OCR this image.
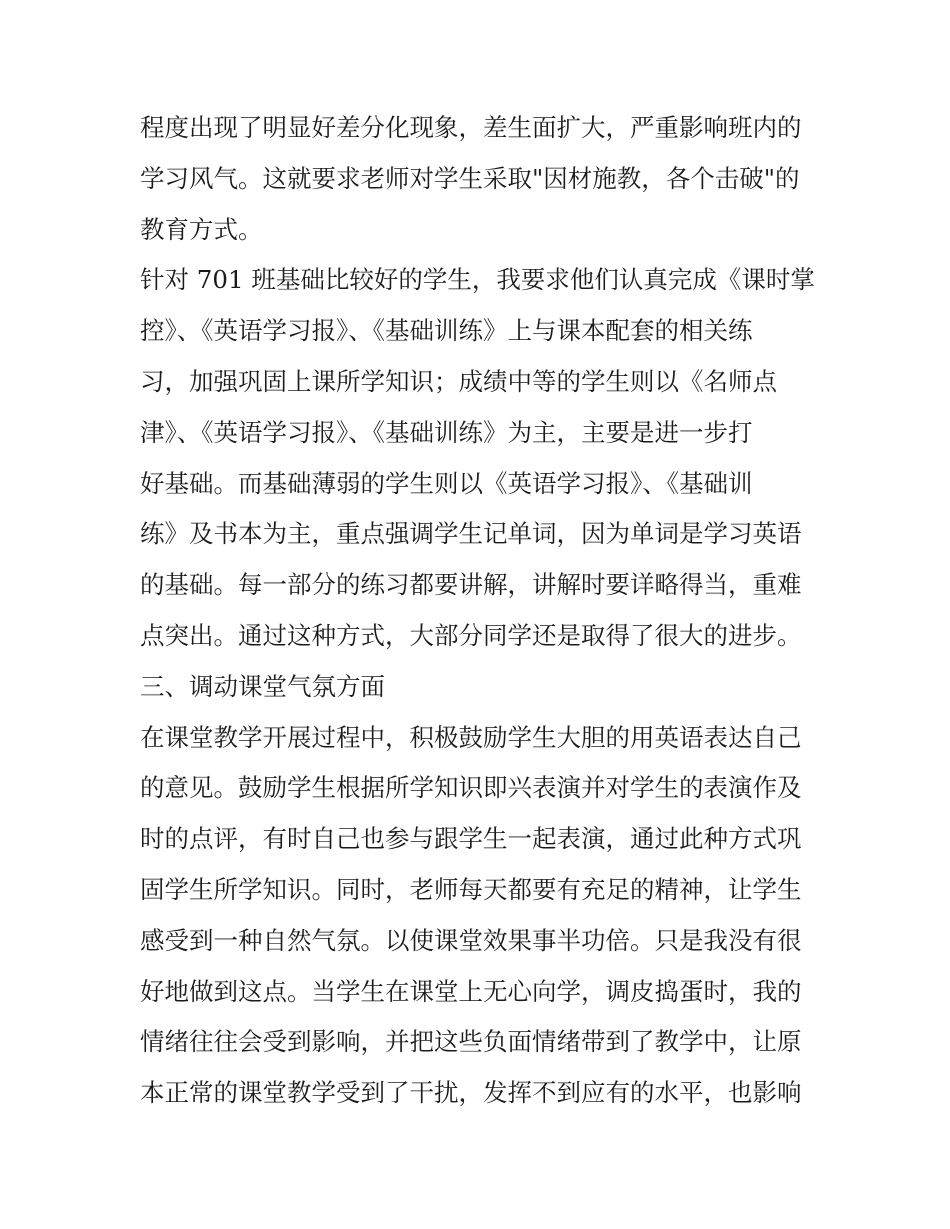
程度出现了明显好差分化现象，差生面扩大，严重影响班内的
学习风气。这就要求老师对学生采取"因材施教，各个击破"的
教育方式。
针对 701 班基础比较好的学生，我要求他们认真完成《课时掌
控》、《英语学习报》、《基础训练》上与课本配套的相关练
习，加强巩固上课所学知识；成绩中等的学生则以《名师点
津》、《英语学习报》、《基础训练》为主，主要是进一步打
好基础。而基础薄弱的学生则以《英语学习报》、《基础训
练》及书本为主，重点强调学生记单词，因为单词是学习英语
的基础。每一部分的练习都要讲解，讲解时要详略得当，重难
点突出。通过这种方式，大部分同学还是取得了很大的进步。
三、调动课堂气氛方面
在课堂教学开展过程中，积极鼓励学生大胆的用英语表达自己
的意见。鼓励学生根据所学知识即兴表演并对学生的表演作及
时的点评，有时自己也参与跟学生一起表演，通过此种方式巩
固学生所学知识。同时，老师每天都要有充足的精神，让学生
感受到一种自然气氛。以使课堂效果事半功倍。只是我没有很
好地做到这点。当学生在课堂上无心向学，调皮捣蛋时，我的
情绪往往会受到影响，并把这些负面情绪带到了教学中，让原
本正常的课堂教学受到了干扰，发挥不到应有的水平，也影响
